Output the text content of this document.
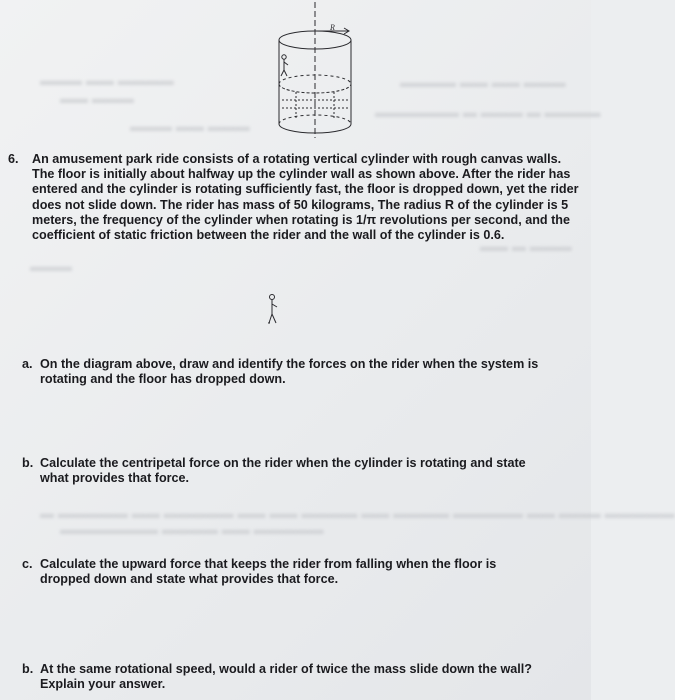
▬▬▬ ▬▬ ▬▬▬▬
▬▬ ▬▬▬
▬▬▬▬ ▬▬ ▬▬ ▬▬▬
▬▬▬▬▬▬ ▬ ▬▬▬ ▬ ▬▬▬▬
▬▬▬ ▬▬ ▬▬▬
▬▬ ▬ ▬▬▬
▬▬▬
▬ ▬▬▬▬▬ ▬▬ ▬▬▬▬▬ ▬▬ ▬▬ ▬▬▬▬ ▬▬ ▬▬▬▬ ▬▬▬▬▬ ▬▬ ▬▬▬ ▬▬▬▬▬
▬▬▬▬▬▬▬ ▬▬▬▬ ▬▬ ▬▬▬▬▬
R
6. An amusement park ride consists of a rotating vertical cylinder with rough canvas walls.
The floor is initially about halfway up the cylinder wall as shown above. After the rider has
entered and the cylinder is rotating sufficiently fast, the floor is dropped down, yet the rider
does not slide down. The rider has mass of 50 kilograms, The radius R of the cylinder is 5
meters, the frequency of the cylinder when rotating is 1/π revolutions per second, and the
coefficient of static friction between the rider and the wall of the cylinder is 0.6.
a. On the diagram above, draw and identify the forces on the rider when the system is
rotating and the floor has dropped down.
b. Calculate the centripetal force on the rider when the cylinder is rotating and state
what provides that force.
c. Calculate the upward force that keeps the rider from falling when the floor is
dropped down and state what provides that force.
b. At the same rotational speed, would a rider of twice the mass slide down the wall?
Explain your answer.
